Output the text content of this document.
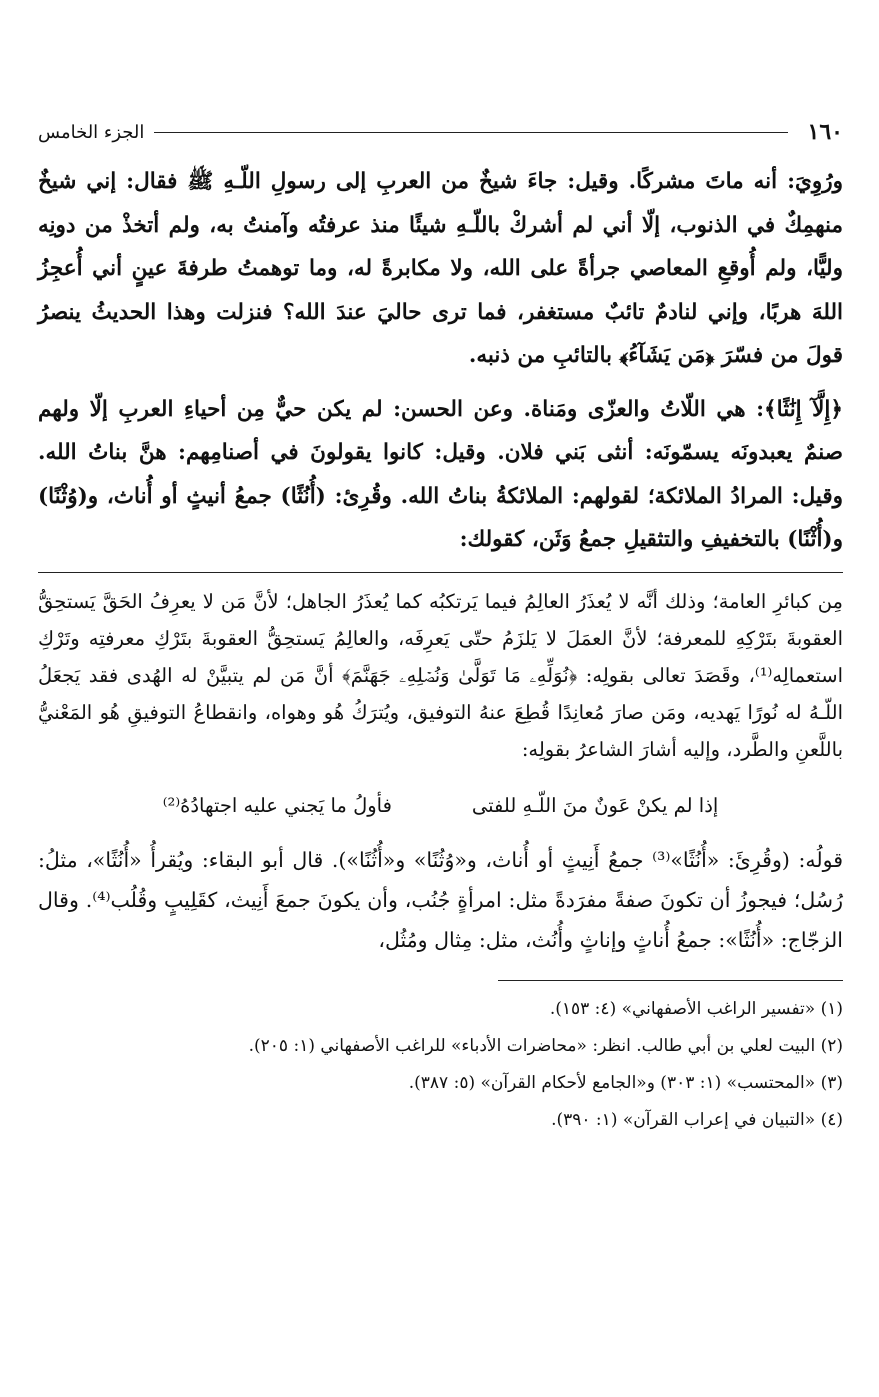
١٦٠
الجزء الخامس

ورُوِيَ: أنه ماتَ مشركًا. وقيل: جاءَ شيخٌ من العربِ إلى رسولِ اللّـهِ ﷺ فقال: إني شيخٌ منهمِكٌ في الذنوب، إلّا أني لم أشركْ باللّـهِ شيئًا منذ عرفتُه وآمنتُ به، ولم أتخذْ من دونِه وليًّا، ولم أُوقعِ المعاصي جرأةً على الله، ولا مكابرةً له، وما توهمتُ طرفةَ عينٍ أني أُعجِزُ اللهَ هربًا، وإني لنادمٌ تائبٌ مستغفر، فما ترى حاليَ عندَ الله؟ فنزلت وهذا الحديثُ ينصرُ قولَ من فسّرَ ﴿مَن يَشَآءُ﴾ بالتائبِ من ذنبه.

﴿إِلَّآ إِنَٰثًا﴾: هي اللّاتُ والعزّى ومَناة. وعن الحسن: لم يكن حيٌّ مِن أحياءِ العربِ إلّا ولهم صنمٌ يعبدونَه يسمّونَه: أنثى بَني فلان. وقيل: كانوا يقولونَ في أصنامِهم: هنَّ بناتُ الله. وقيل: المرادُ الملائكة؛ لقولهم: الملائكةُ بناتُ الله. وقُرِئ: (أُنُثًا) جمعُ أنيثٍ أو أُناث، و(وُثْنًا) و(أُثْنًا) بالتخفيفِ والتثقيلِ جمعُ وَثَن، كقولك:

مِن كبائرِ العامة؛ وذلك أنَّه لا يُعذَرُ العالِمُ فيما يَرتكبُه كما يُعذَرُ الجاهل؛ لأنَّ مَن لا يعرِفُ الحَقَّ يَستحِقُّ العقوبةَ بتَرْكِهِ للمعرفة؛ لأنَّ العمَلَ لا يَلزَمُ حتّى يَعرِفَه، والعالِمُ يَستحِقُّ العقوبةَ بتَرْكِ معرفتِه وتَرْكِ استعمالِه⁽¹⁾، وقَصَدَ تعالى بقولِه: ﴿نُوَلِّهِۦ مَا تَوَلَّىٰ وَنُصۡلِهِۦ جَهَنَّمَ﴾ أنَّ مَن لم يتبيَّنْ له الهُدى فقد يَجعَلُ اللّـهُ له نُورًا يَهديه، ومَن صارَ مُعانِدًا قُطِعَ عنهُ التوفيق، ويُترَكُ هُو وهواه، وانقطاعُ التوفيقِ هُو المَعْنيُّ باللَّعنِ والطَّرد، وإليه أشارَ الشاعرُ بقولِه:

إذا لم يكنْ عَونٌ منَ اللّـهِ للفتى
فأولُ ما يَجني عليه اجتهادُهُ⁽²⁾

قولُه: (وقُرِئَ: «أُنُثًا»⁽³⁾ جمعُ أَنِيثٍ أو أُناث، و«وُثُنًا» و«أُثُنًا»). قال أبو البقاء: ويُقرأُ «أُنُثًا»، مثلُ: رُسُل؛ فيجوزُ أن تكونَ صفةً مفرَدةً مثل: امرأةٍ جُنُب، وأن يكونَ جمعَ أَنِيث، كقَلِيبٍ وقُلُب⁽⁴⁾. وقال الزجّاج: «أُنُثًا»: جمعُ أُناثٍ وإناثٍ وأُنُث، مثل: مِثال ومُثُل،

(١) «تفسير الراغب الأصفهاني» (٤: ١٥٣).

(٢) البيت لعلي بن أبي طالب. انظر: «محاضرات الأدباء» للراغب الأصفهاني (١: ٢٠٥).

(٣) «المحتسب» (١: ٣٠٣) و«الجامع لأحكام القرآن» (٥: ٣٨٧).

(٤) «التبيان في إعراب القرآن» (١: ٣٩٠).
